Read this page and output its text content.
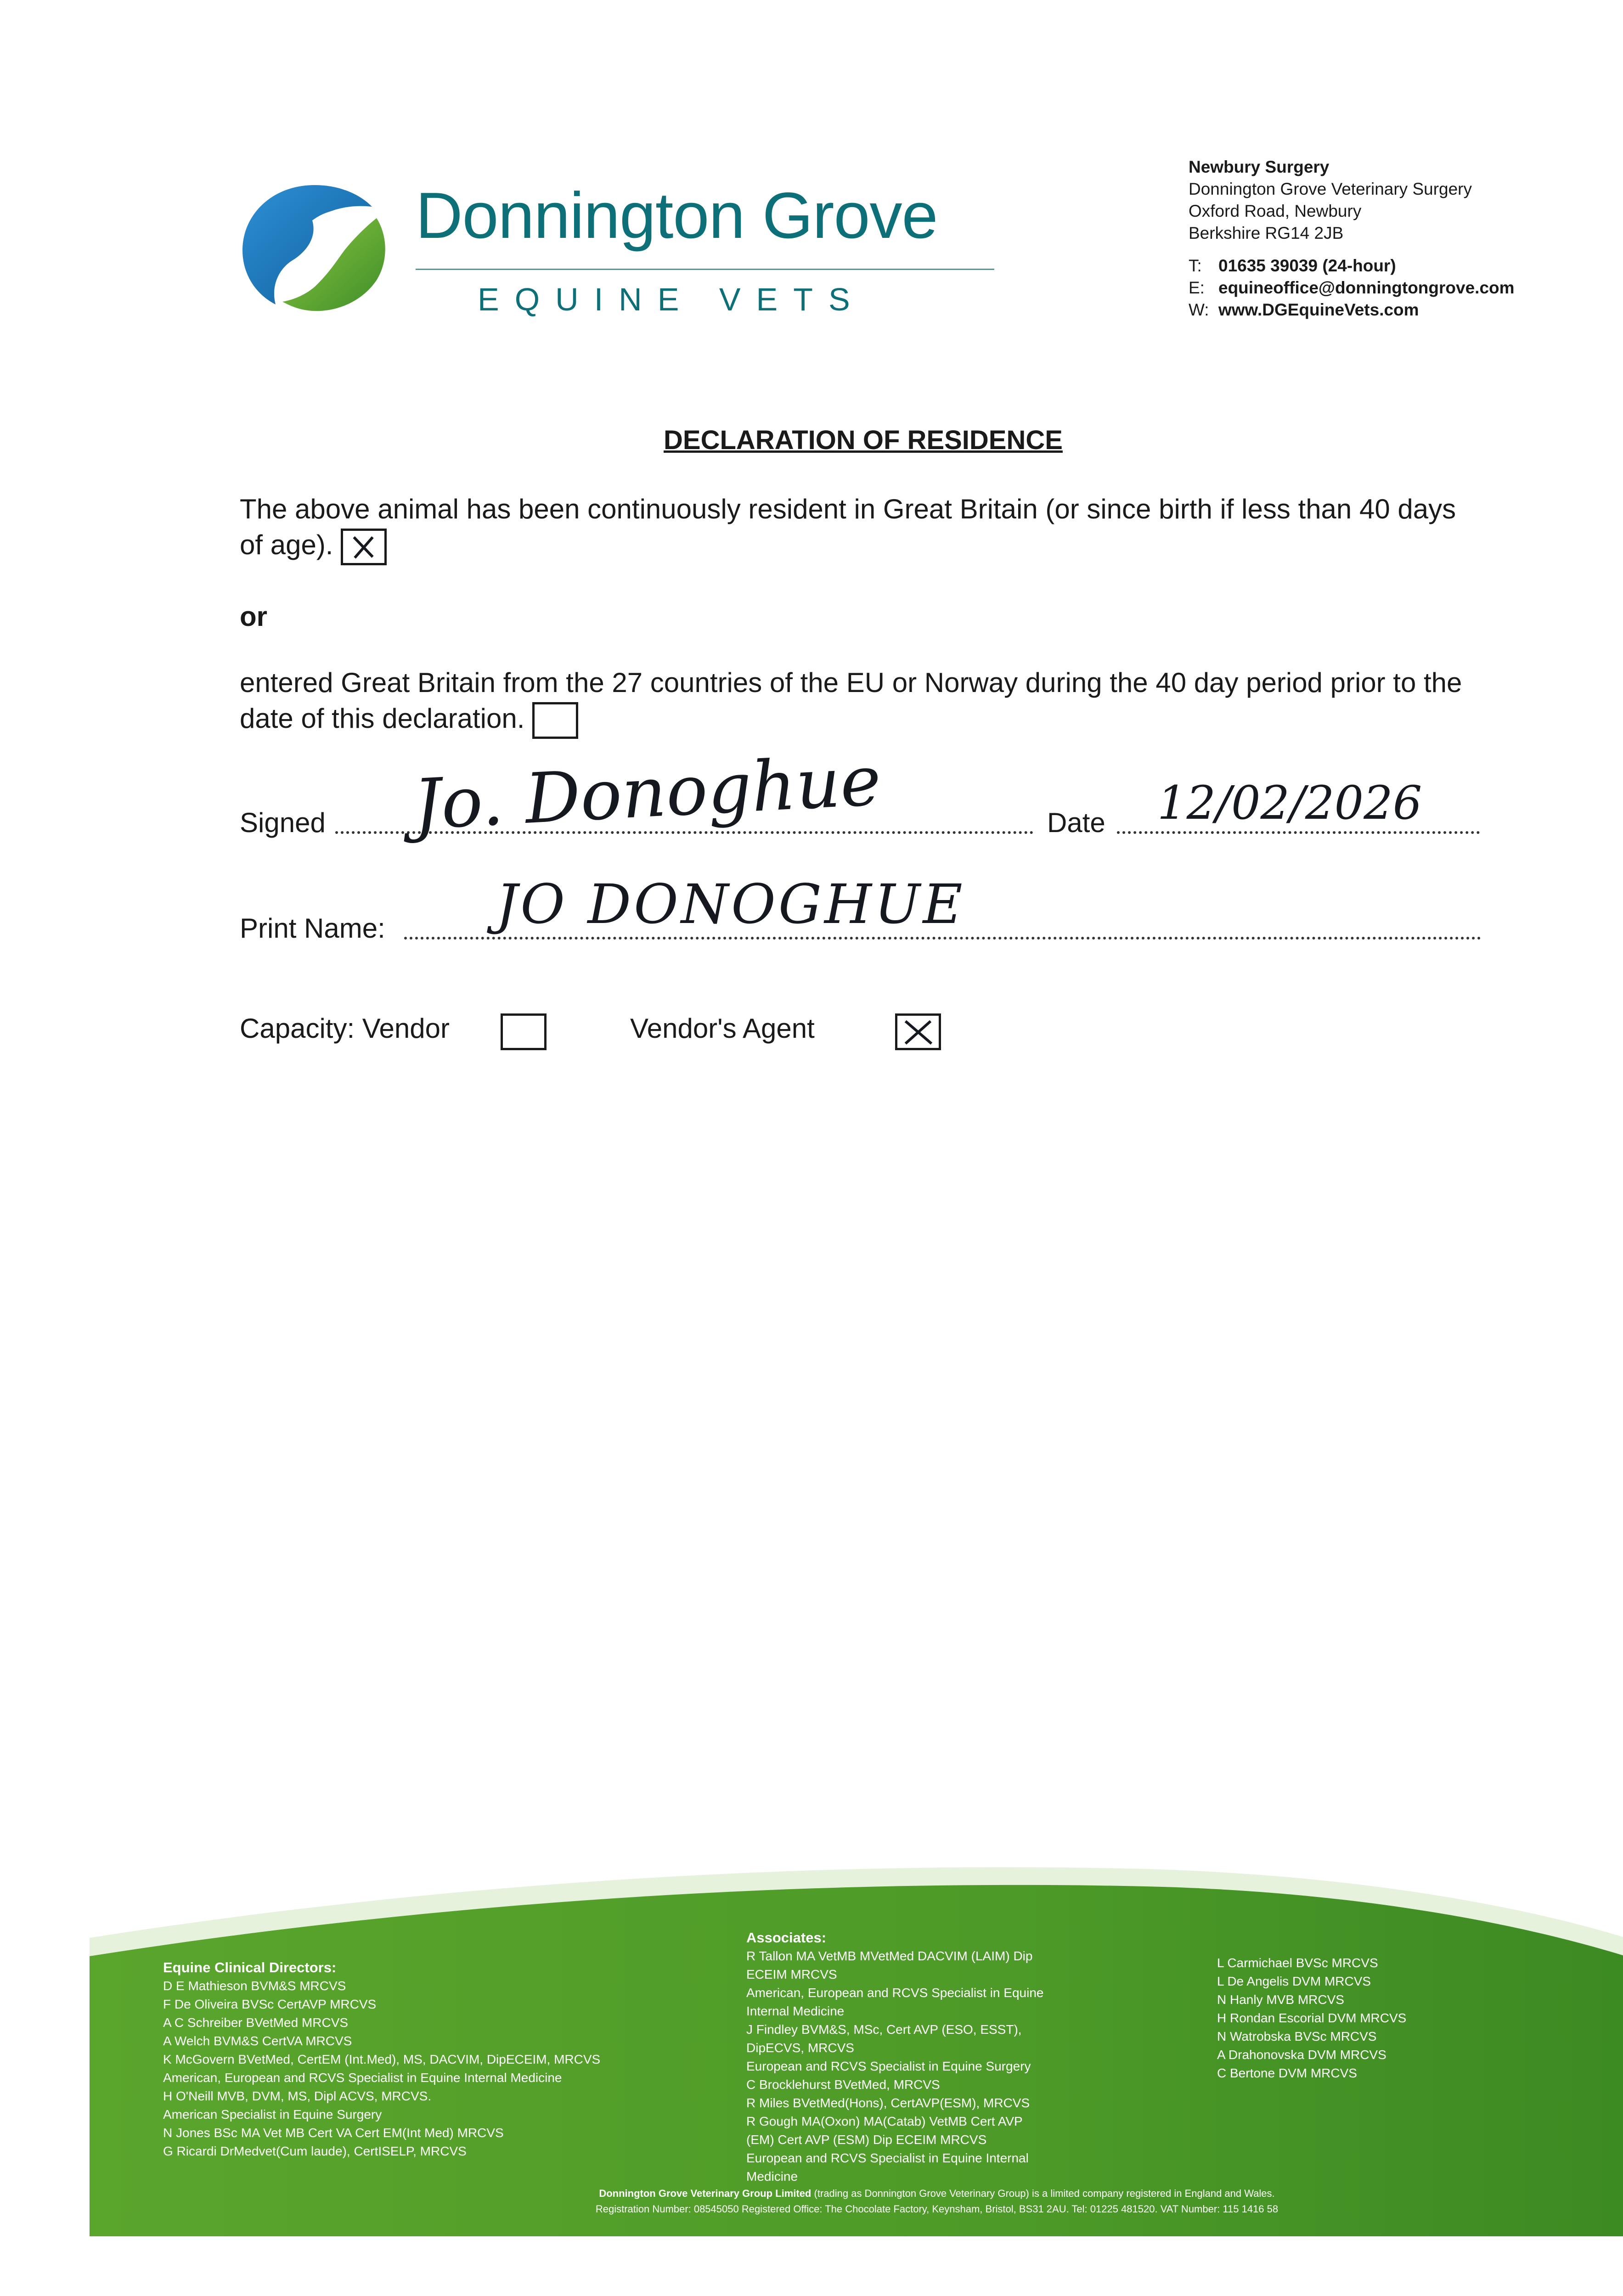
Donnington Grove
EQUINE VETS
Newbury Surgery
Donnington Grove Veterinary Surgery
Oxford Road, Newbury
Berkshire RG14 2JB
T: 01635 39039 (24-hour)
E: equineoffice@donningtongrove.com
W: www.DGEquineVets.com
DECLARATION OF RESIDENCE
The above animal has been continuously resident in Great Britain (or since birth if less than 40 days of age).
or
entered Great Britain from the 27 countries of the EU or Norway during the 40 day period prior to the date of this declaration.
Signed Jo. Donoghue	Date 12/02/2026
Print Name: JO DONOGHUE
Capacity: Vendor
	Vendor's Agent
Equine Clinical Directors:
D E Mathieson BVM&S MRCVS
F De Oliveira BVSc CertAVP MRCVS
A C Schreiber BVetMed MRCVS
A Welch BVM&S CertVA MRCVS
K McGovern BVetMed, CertEM (Int.Med), MS, DACVIM, DipECEIM, MRCVS
American, European and RCVS Specialist in Equine Internal Medicine
H O'Neill MVB, DVM, MS, Dipl ACVS, MRCVS.
American Specialist in Equine Surgery
N Jones BSc MA Vet MB Cert VA Cert EM(Int Med) MRCVS
G Ricardi DrMedvet(Cum laude), CertISELP, MRCVS
Associates:
R Tallon MA VetMB MVetMed DACVIM (LAIM) Dip
ECEIM MRCVS
American, European and RCVS Specialist in Equine
Internal Medicine
J Findley BVM&S, MSc, Cert AVP (ESO, ESST),
DipECVS, MRCVS
European and RCVS Specialist in Equine Surgery
C Brocklehurst BVetMed, MRCVS
R Miles BVetMed(Hons), CertAVP(ESM), MRCVS
R Gough MA(Oxon) MA(Catab) VetMB Cert AVP
(EM) Cert AVP (ESM) Dip ECEIM MRCVS
European and RCVS Specialist in Equine Internal
Medicine
L Carmichael BVSc MRCVS
L De Angelis DVM MRCVS
N Hanly MVB MRCVS
H Rondan Escorial DVM MRCVS
N Watrobska BVSc MRCVS
A Drahonovska DVM MRCVS
C Bertone DVM MRCVS
Donnington Grove Veterinary Group Limited (trading as Donnington Grove Veterinary Group) is a limited company registered in England and Wales.
Registration Number: 08545050 Registered Office: The Chocolate Factory, Keynsham, Bristol, BS31 2AU. Tel: 01225 481520. VAT Number: 115 1416 58
